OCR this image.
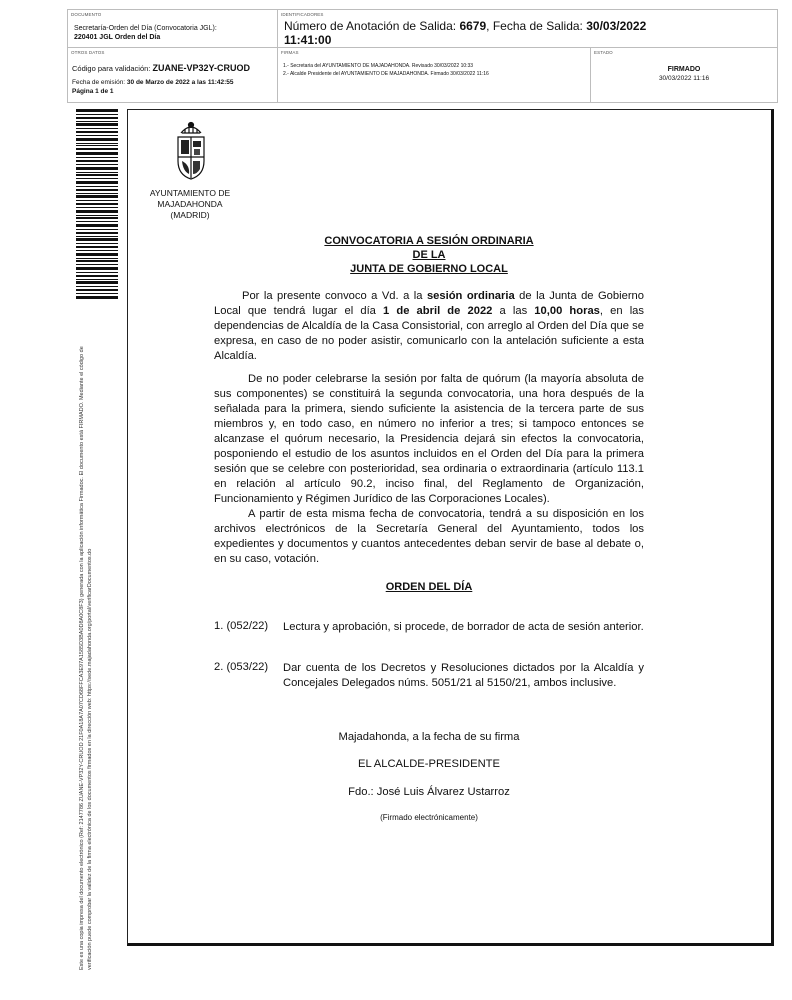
DOCUMENTO
Secretaría-Orden del Día (Convocatoria JGL):
220401 JGL Orden del Día
IDENTIFICADORES
Número de Anotación de Salida: 6679, Fecha de Salida: 30/03/2022
11:41:00
OTROS DATOS
Código para validación: ZUANE-VP32Y-CRUOD
Fecha de emisión: 30 de Marzo de 2022 a las 11:42:55
Página 1 de 1
FIRMAS
1.- Secretaria del AYUNTAMIENTO DE MAJADAHONDA. Revisado 30/03/2022 10:33
2.- Alcalde Presidente del AYUNTAMIENTO DE MAJADAHONDA. Firmado 30/03/2022 11:16
ESTADO
FIRMADO
30/03/2022 11:16
Este es una copia impresa del documento electrónico (Ref: 2147786 ZUANE-VP32Y-CRUOD 21F0A18A7A07CD68FFCA3E97A1585D3BA0D8A0C8F3) generada con la aplicación informática Firmadoc. El documento está FIRMADO. Mediante el código de verificación puede comprobar la validez de la firma electrónica de los documentos firmados en la dirección web: https://sede.majadahonda.org/portal/verificarDocumentos.do
AYUNTAMIENTO DE
MAJADAHONDA
(MADRID)
CONVOCATORIA A SESIÓN ORDINARIA
DE LA
JUNTA DE GOBIERNO LOCAL
Por la presente convoco a Vd. a la sesión ordinaria de la Junta de Gobierno Local que tendrá lugar el día 1 de abril de 2022 a las 10,00 horas, en las dependencias de Alcaldía de la Casa Consistorial, con arreglo al Orden del Día que se expresa, en caso de no poder asistir, comunicarlo con la antelación suficiente a esta Alcaldía.
De no poder celebrarse la sesión por falta de quórum (la mayoría absoluta de sus componentes) se constituirá la segunda convocatoria, una hora después de la señalada para la primera, siendo suficiente la asistencia de la tercera parte de sus miembros y, en todo caso, en número no inferior a tres; si tampoco entonces se alcanzase el quórum necesario, la Presidencia dejará sin efectos la convocatoria, posponiendo el estudio de los asuntos incluidos en el Orden del Día para la primera sesión que se celebre con posterioridad, sea ordinaria o extraordinaria (artículo 113.1 en relación al artículo 90.2, inciso final, del Reglamento de Organización, Funcionamiento y Régimen Jurídico de las Corporaciones Locales).
A partir de esta misma fecha de convocatoria, tendrá a su disposición en los archivos electrónicos de la Secretaría General del Ayuntamiento, todos los expedientes y documentos y cuantos antecedentes deban servir de base al debate o, en su caso, votación.
ORDEN DEL DÍA
1. (052/22) Lectura y aprobación, si procede, de borrador de acta de sesión anterior.
2. (053/22) Dar cuenta de los Decretos y Resoluciones dictados por la Alcaldía y Concejales Delegados núms. 5051/21 al 5150/21, ambos inclusive.
Majadahonda, a la fecha de su firma
EL ALCALDE-PRESIDENTE
Fdo.: José Luis Álvarez Ustarroz
(Firmado electrónicamente)
